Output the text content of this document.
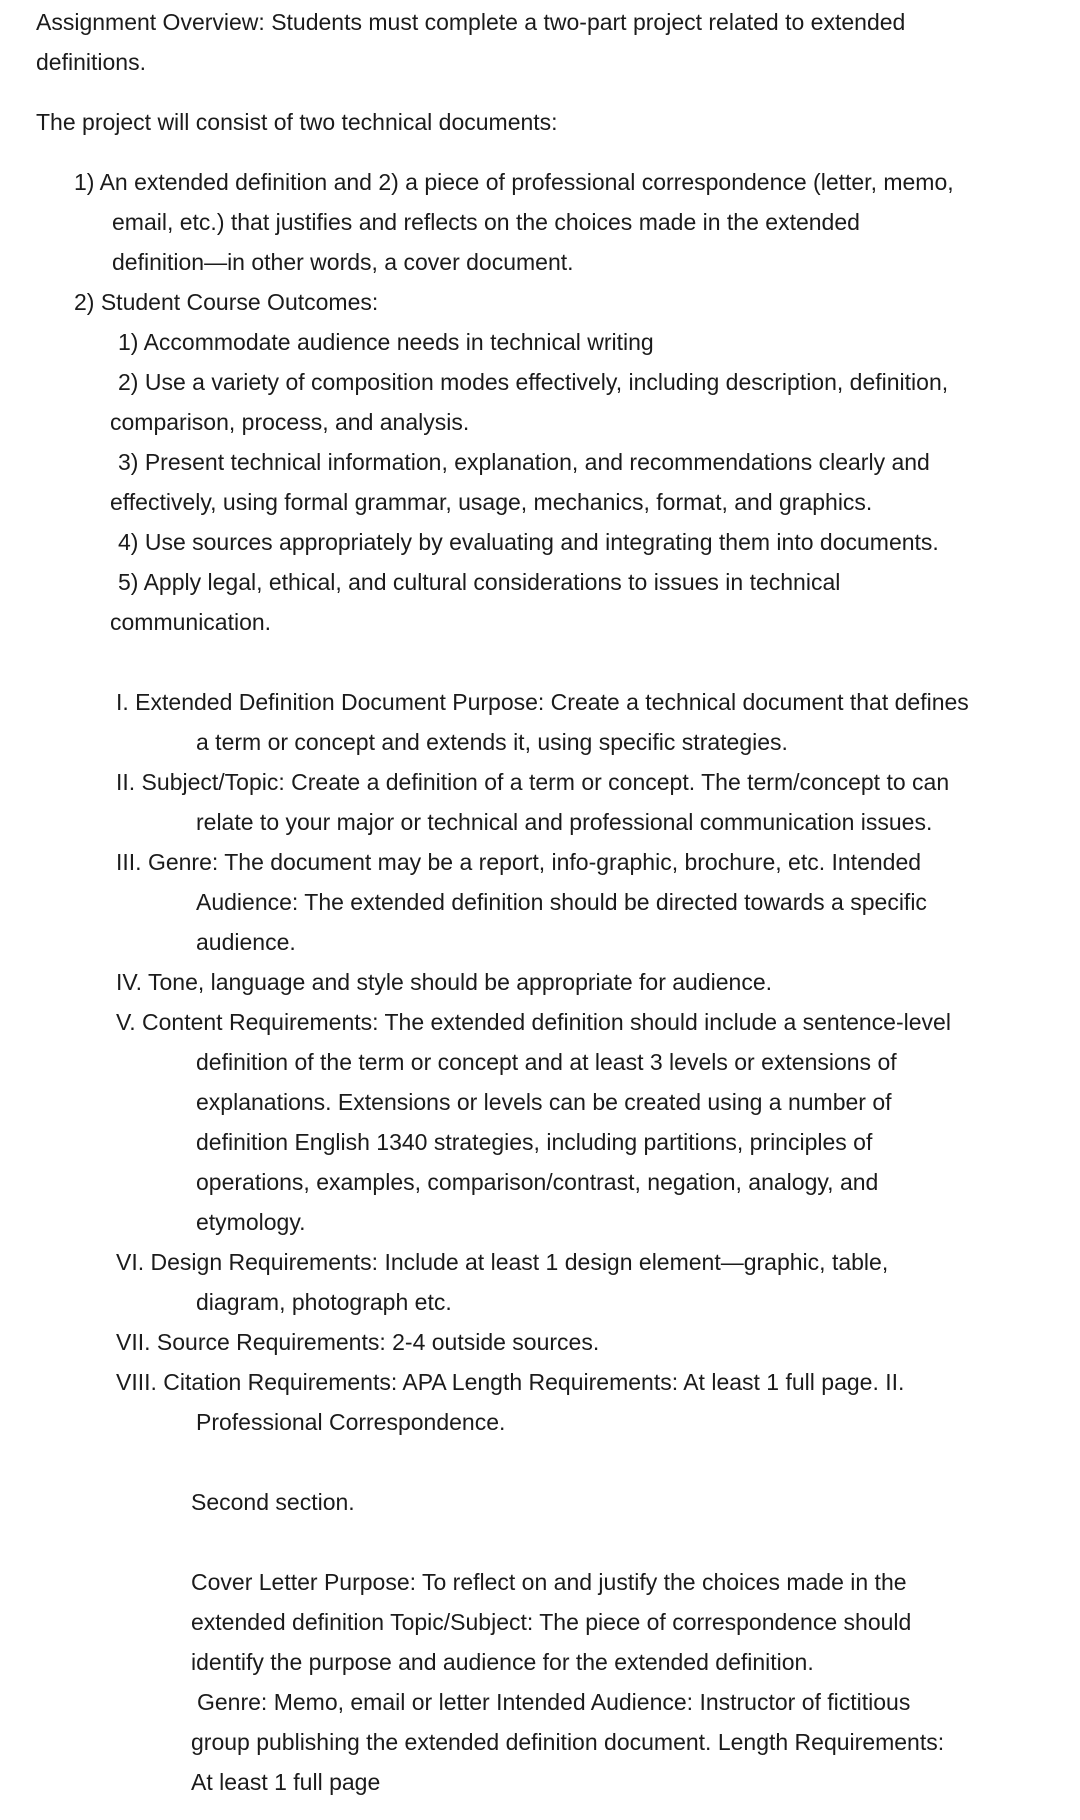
Assignment Overview: Students must complete a two-part project related to extended

definitions.

The project will consist of two technical documents:

1) An extended definition and 2) a piece of professional correspondence (letter, memo,

email, etc.) that justifies and reflects on the choices made in the extended

definition—in other words, a cover document.

2) Student Course Outcomes:

1) Accommodate audience needs in technical writing

2) Use a variety of composition modes effectively, including description, definition,

comparison, process, and analysis.

3) Present technical information, explanation, and recommendations clearly and

effectively, using formal grammar, usage, mechanics, format, and graphics.

4) Use sources appropriately by evaluating and integrating them into documents.

5) Apply legal, ethical, and cultural considerations to issues in technical

communication.

I. Extended Definition Document Purpose: Create a technical document that defines

a term or concept and extends it, using specific strategies.

II. Subject/Topic: Create a definition of a term or concept. The term/concept to can

relate to your major or technical and professional communication issues.

III. Genre: The document may be a report, info-graphic, brochure, etc. Intended

Audience: The extended definition should be directed towards a specific

audience.

IV. Tone, language and style should be appropriate for audience.

V. Content Requirements: The extended definition should include a sentence-level

definition of the term or concept and at least 3 levels or extensions of

explanations. Extensions or levels can be created using a number of

definition English 1340 strategies, including partitions, principles of

operations, examples, comparison/contrast, negation, analogy, and

etymology.

VI. Design Requirements: Include at least 1 design element—graphic, table,

diagram, photograph etc.

VII. Source Requirements: 2-4 outside sources.

VIII. Citation Requirements: APA Length Requirements: At least 1 full page. II.

Professional Correspondence.

Second section.

Cover Letter Purpose: To reflect on and justify the choices made in the

extended definition Topic/Subject: The piece of correspondence should

identify the purpose and audience for the extended definition.

Genre: Memo, email or letter Intended Audience: Instructor of fictitious

group publishing the extended definition document. Length Requirements:

At least 1 full page
